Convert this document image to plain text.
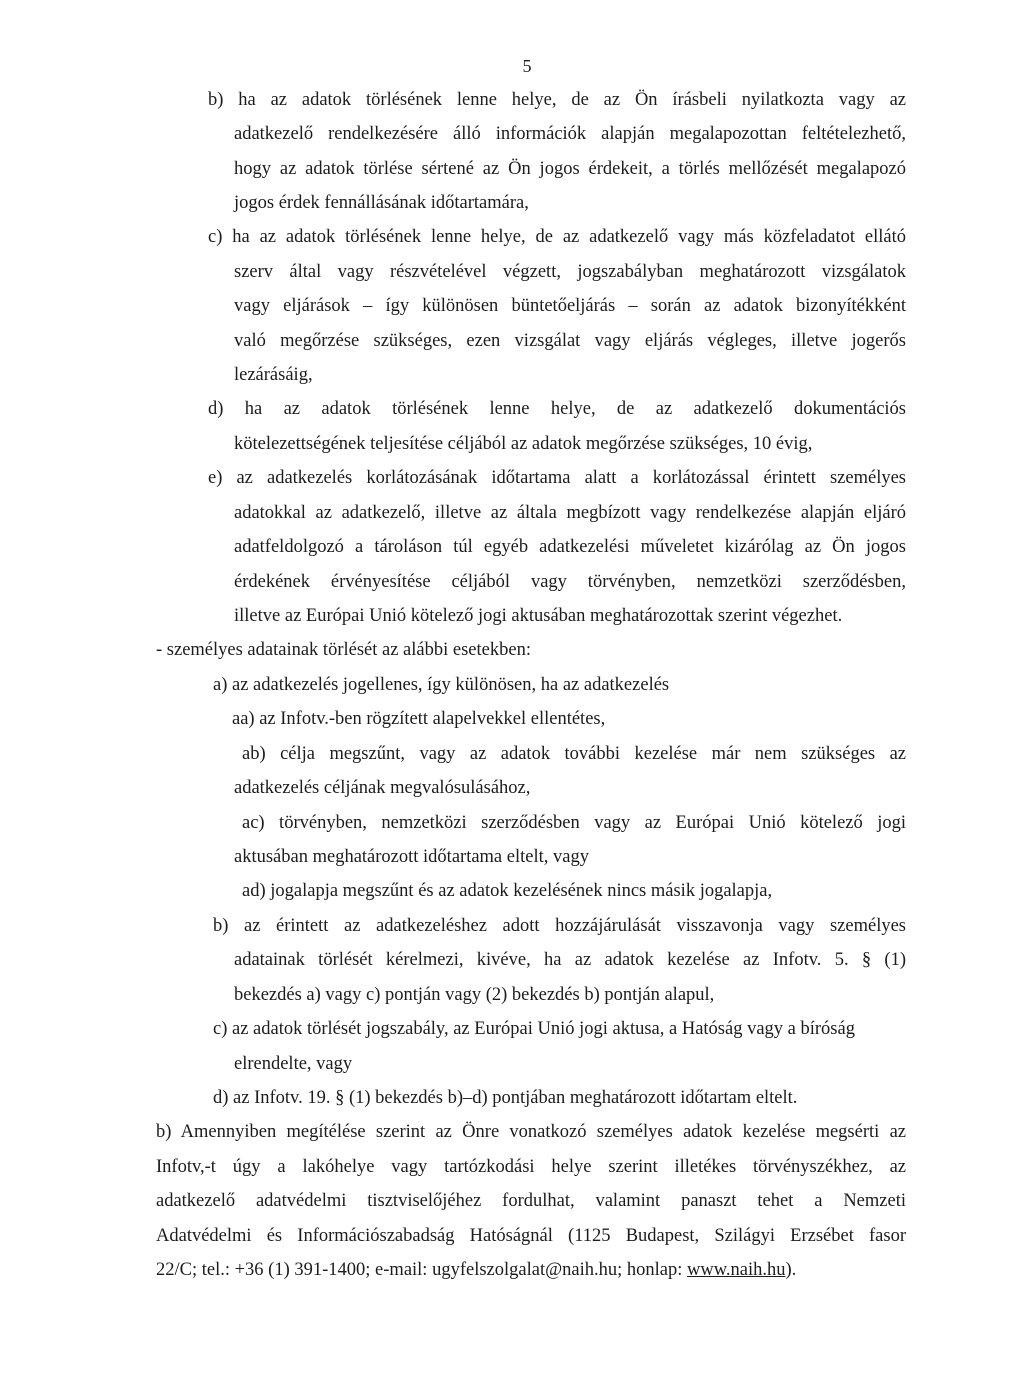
5
b) ha az adatok törlésének lenne helye, de az Ön írásbeli nyilatkozta vagy az
adatkezelő rendelkezésére álló információk alapján megalapozottan feltételezhető,
hogy az adatok törlése sértené az Ön jogos érdekeit, a törlés mellőzését megalapozó
jogos érdek fennállásának időtartamára,
c) ha az adatok törlésének lenne helye, de az adatkezelő vagy más közfeladatot ellátó
szerv által vagy részvételével végzett, jogszabályban meghatározott vizsgálatok
vagy eljárások – így különösen büntetőeljárás – során az adatok bizonyítékként
való megőrzése szükséges, ezen vizsgálat vagy eljárás végleges, illetve jogerős
lezárásáig,
d) ha az adatok törlésének lenne helye, de az adatkezelő dokumentációs
kötelezettségének teljesítése céljából az adatok megőrzése szükséges, 10 évig,
e) az adatkezelés korlátozásának időtartama alatt a korlátozással érintett személyes
adatokkal az adatkezelő, illetve az általa megbízott vagy rendelkezése alapján eljáró
adatfeldolgozó a tároláson túl egyéb adatkezelési műveletet kizárólag az Ön jogos
érdekének érvényesítése céljából vagy törvényben, nemzetközi szerződésben,
illetve az Európai Unió kötelező jogi aktusában meghatározottak szerint végezhet.
- személyes adatainak törlését az alábbi esetekben:
a) az adatkezelés jogellenes, így különösen, ha az adatkezelés
aa) az Infotv.-ben rögzített alapelvekkel ellentétes,
ab) célja megszűnt, vagy az adatok további kezelése már nem szükséges az
adatkezelés céljának megvalósulásához,
ac) törvényben, nemzetközi szerződésben vagy az Európai Unió kötelező jogi
aktusában meghatározott időtartama eltelt, vagy
ad) jogalapja megszűnt és az adatok kezelésének nincs másik jogalapja,
b) az érintett az adatkezeléshez adott hozzájárulását visszavonja vagy személyes
adatainak törlését kérelmezi, kivéve, ha az adatok kezelése az Infotv. 5. § (1)
bekezdés a) vagy c) pontján vagy (2) bekezdés b) pontján alapul,
c) az adatok törlését jogszabály, az Európai Unió jogi aktusa, a Hatóság vagy a bíróság
elrendelte, vagy
d) az Infotv. 19. § (1) bekezdés b)–d) pontjában meghatározott időtartam eltelt.
b) Amennyiben megítélése szerint az Önre vonatkozó személyes adatok kezelése megsérti az
Infotv,-t úgy a lakóhelye vagy tartózkodási helye szerint illetékes törvényszékhez, az
adatkezelő adatvédelmi tisztviselőjéhez fordulhat, valamint panaszt tehet a Nemzeti
Adatvédelmi és Információszabadság Hatóságnál (1125 Budapest, Szilágyi Erzsébet fasor
22/C; tel.: +36 (1) 391-1400; e-mail: ugyfelszolgalat@naih.hu; honlap: www.naih.hu).
